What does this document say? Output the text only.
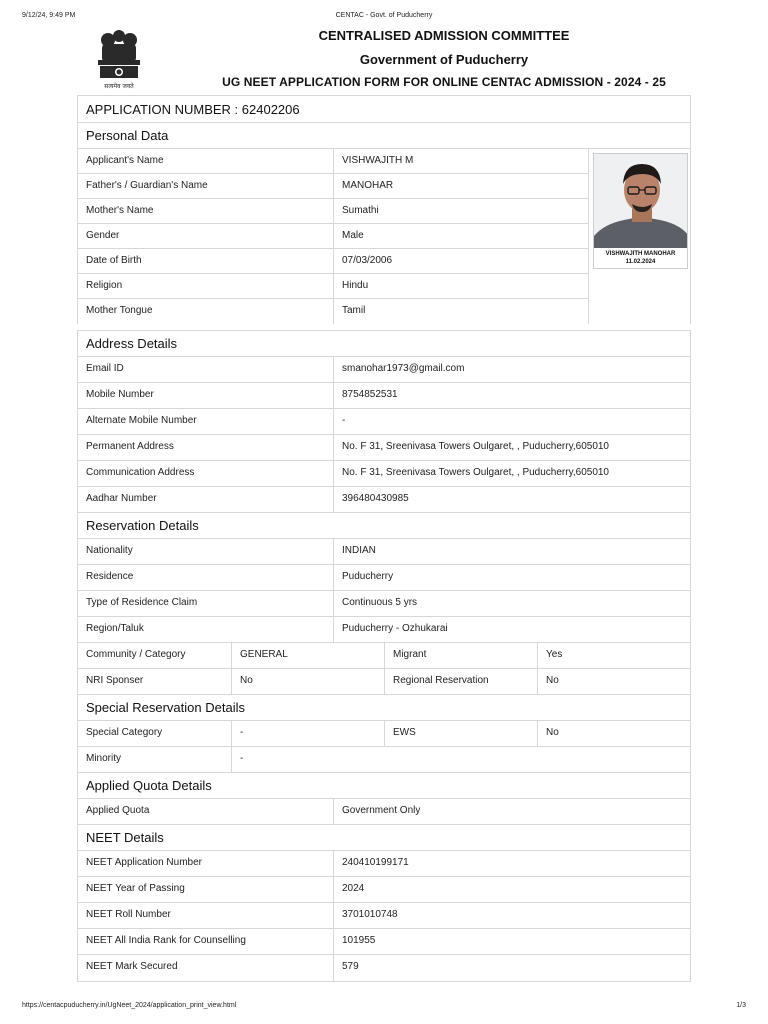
9/12/24, 9:49 PM	CENTAC - Govt. of Puducherry
सत्यमेव जयते
CENTRALISED ADMISSION COMMITTEE
Government of Puducherry
UG NEET APPLICATION FORM FOR ONLINE CENTAC ADMISSION - 2024 - 25
APPLICATION NUMBER : 62402206
Personal Data
Applicant's Name	VISHWAJITH M
Father's / Guardian's Name	MANOHAR
Mother's Name	Sumathi
Gender	Male
Date of Birth	07/03/2006
Religion	Hindu
Mother Tongue	Tamil
VISHWAJITH MANOHAR
11.02.2024
Address Details
Email ID	smanohar1973@gmail.com
Mobile Number	8754852531
Alternate Mobile Number	-
Permanent Address	No. F 31, Sreenivasa Towers Oulgaret, , Puducherry,605010
Communication Address	No. F 31, Sreenivasa Towers Oulgaret, , Puducherry,605010
Aadhar Number	396480430985
Reservation Details
Nationality	INDIAN
Residence	Puducherry
Type of Residence Claim	Continuous 5 yrs
Region/Taluk	Puducherry - Ozhukarai
Community / Category	GENERAL	Migrant	Yes
NRI Sponser	No	Regional Reservation	No
Special Reservation Details
Special Category	-	EWS	No
Minority	-
Applied Quota Details
Applied Quota	Government Only
NEET Details
NEET Application Number	240410199171
NEET Year of Passing	2024
NEET Roll Number	3701010748
NEET All India Rank for Counselling	101955
NEET Mark Secured	579
https://centacpuducherry.in/UgNeet_2024/application_print_view.html	1/3
